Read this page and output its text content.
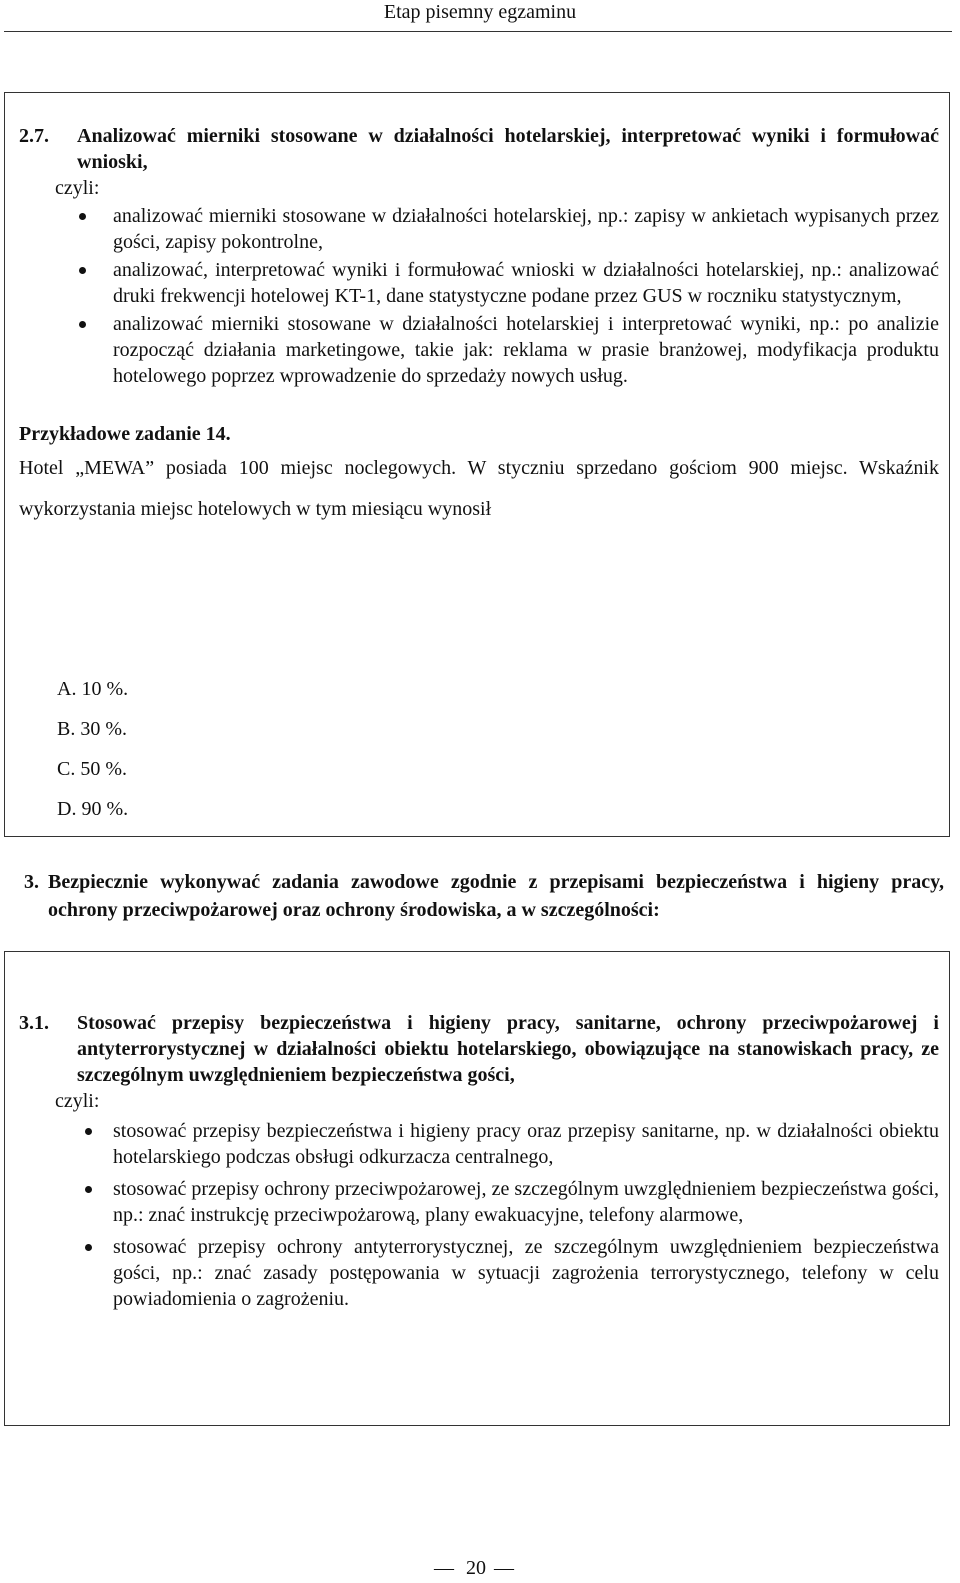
Etap pisemny egzaminu
2.7.	Analizować mierniki stosowane w działalności hotelarskiej, interpretować wyniki i formułować wnioski,
czyli:
analizować mierniki stosowane w działalności hotelarskiej, np.: zapisy w ankietach wypisanych przez gości, zapisy pokontrolne,
analizować, interpretować wyniki i formułować wnioski w działalności hotelarskiej, np.: analizować druki frekwencji hotelowej KT-1, dane statystyczne podane przez GUS w roczniku statystycznym,
analizować mierniki stosowane w działalności hotelarskiej i interpretować wyniki, np.: po analizie rozpocząć działania marketingowe, takie jak: reklama w prasie branżowej, modyfikacja produktu hotelowego poprzez wprowadzenie do sprzedaży nowych usług.
Przykładowe zadanie 14.
Hotel „MEWA” posiada 100 miejsc noclegowych. W styczniu sprzedano gościom 900 miejsc. Wskaźnik wykorzystania miejsc hotelowych w tym miesiącu wynosił
A. 10 %.
B. 30 %.
C. 50 %.
D. 90 %.
3. Bezpiecznie wykonywać zadania zawodowe zgodnie z przepisami bezpieczeństwa i higieny pracy, ochrony przeciwpożarowej oraz ochrony środowiska, a w szczególności:
3.1.	Stosować przepisy bezpieczeństwa i higieny pracy, sanitarne, ochrony przeciwpożarowej i antyterrorystycznej w działalności obiektu hotelarskiego, obowiązujące na stanowiskach pracy, ze szczególnym uwzględnieniem bezpieczeństwa gości,
czyli:
stosować przepisy bezpieczeństwa i higieny pracy oraz przepisy sanitarne, np. w działalności obiektu hotelarskiego podczas obsługi odkurzacza centralnego,
stosować przepisy ochrony przeciwpożarowej, ze szczególnym uwzględnieniem bezpieczeństwa gości, np.: znać instrukcję przeciwpożarową, plany ewakuacyjne, telefony alarmowe,
stosować przepisy ochrony antyterrorystycznej, ze szczególnym uwzględnieniem bezpieczeństwa gości, np.: znać zasady postępowania w sytuacji zagrożenia terrorystycznego, telefony w celu powiadomienia o zagrożeniu.
— 20 —
